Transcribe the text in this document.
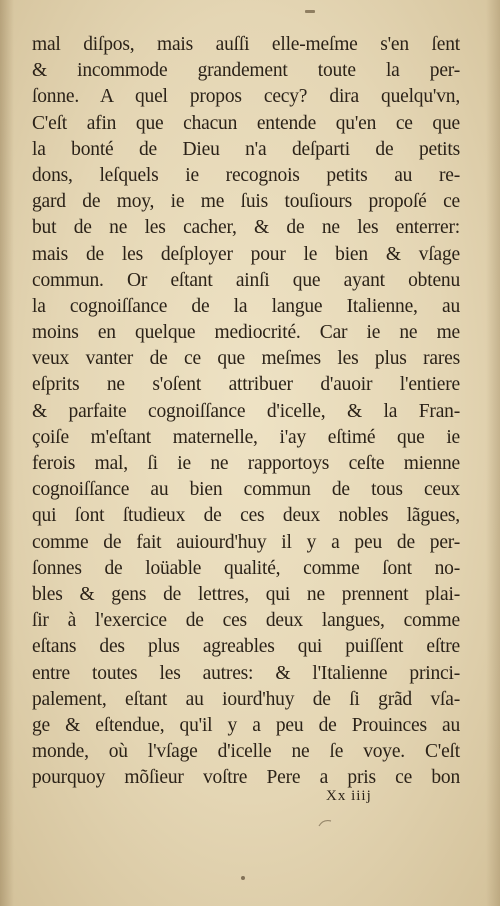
mal diſpos, mais auſſi elle-meſme s'en ſent
& incommode grandement toute la per-
ſonne. A quel propos cecy? dira quelqu'vn,
C'eſt afin que chacun entende qu'en ce que
la bonté de Dieu n'a deſparti de petits
dons, leſquels ie recognois petits au re-
gard de moy, ie me ſuis touſiours propoſé ce
but de ne les cacher, & de ne les enterrer:
mais de les deſployer pour le bien & vſage
commun. Or eſtant ainſi que ayant obtenu
la cognoiſſance de la langue Italienne, au
moins en quelque mediocrité. Car ie ne me
veux vanter de ce que meſmes les plus rares
eſprits ne s'oſent attribuer d'auoir l'entiere
& parfaite cognoiſſance d'icelle, & la Fran-
çoiſe m'eſtant maternelle, i'ay eſtimé que ie
ferois mal, ſi ie ne rapportoys ceſte mienne
cognoiſſance au bien commun de tous ceux
qui ſont ſtudieux de ces deux nobles lãgues,
comme de fait auiourd'huy il y a peu de per-
ſonnes de loüable qualité, comme ſont no-
bles & gens de lettres, qui ne prennent plai-
ſir à l'exercice de ces deux langues, comme
eſtans des plus agreables qui puiſſent eſtre
entre toutes les autres: & l'Italienne princi-
palement, eſtant au iourd'huy de ſi grãd vſa-
ge & eſtendue, qu'il y a peu de Prouinces au
monde, où l'vſage d'icelle ne ſe voye. C'eſt
pourquoy mõſieur voſtre Pere a pris ce bon
Xx iiij
